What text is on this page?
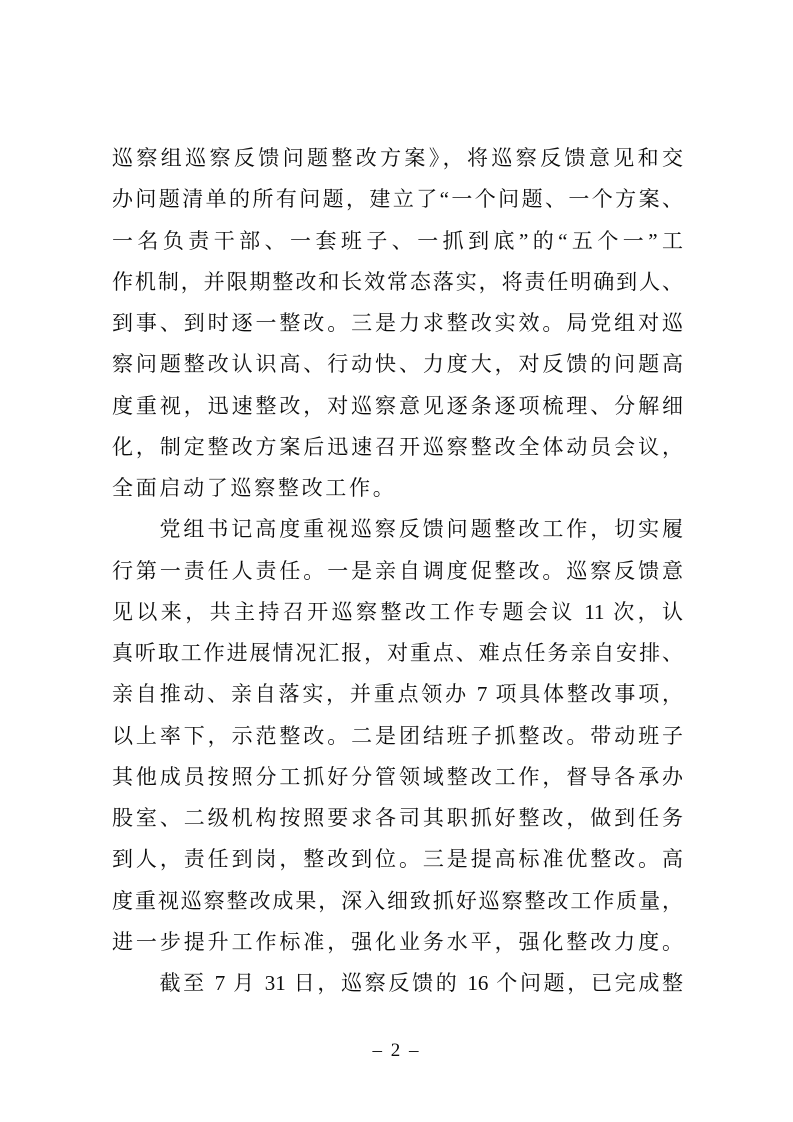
巡察组巡察反馈问题整改方案》，将巡察反馈意见和交

办问题清单的所有问题，建立了“一个问题、一个方案、

一名负责干部、一套班子、一抓到底”的“五个一”工

作机制，并限期整改和长效常态落实，将责任明确到人、

到事、到时逐一整改。三是力求整改实效。局党组对巡

察问题整改认识高、行动快、力度大，对反馈的问题高

度重视，迅速整改，对巡察意见逐条逐项梳理、分解细

化，制定整改方案后迅速召开巡察整改全体动员会议，

全面启动了巡察整改工作。

党组书记高度重视巡察反馈问题整改工作，切实履

行第一责任人责任。一是亲自调度促整改。巡察反馈意

见以来，共主持召开巡察整改工作专题会议 11 次，认

真听取工作进展情况汇报，对重点、难点任务亲自安排、

亲自推动、亲自落实，并重点领办 7 项具体整改事项，

以上率下，示范整改。二是团结班子抓整改。带动班子

其他成员按照分工抓好分管领域整改工作，督导各承办

股室、二级机构按照要求各司其职抓好整改，做到任务

到人，责任到岗，整改到位。三是提高标准优整改。高

度重视巡察整改成果，深入细致抓好巡察整改工作质量，

进一步提升工作标准，强化业务水平，强化整改力度。

截至 7 月 31 日，巡察反馈的 16 个问题，已完成整

– 2 –
